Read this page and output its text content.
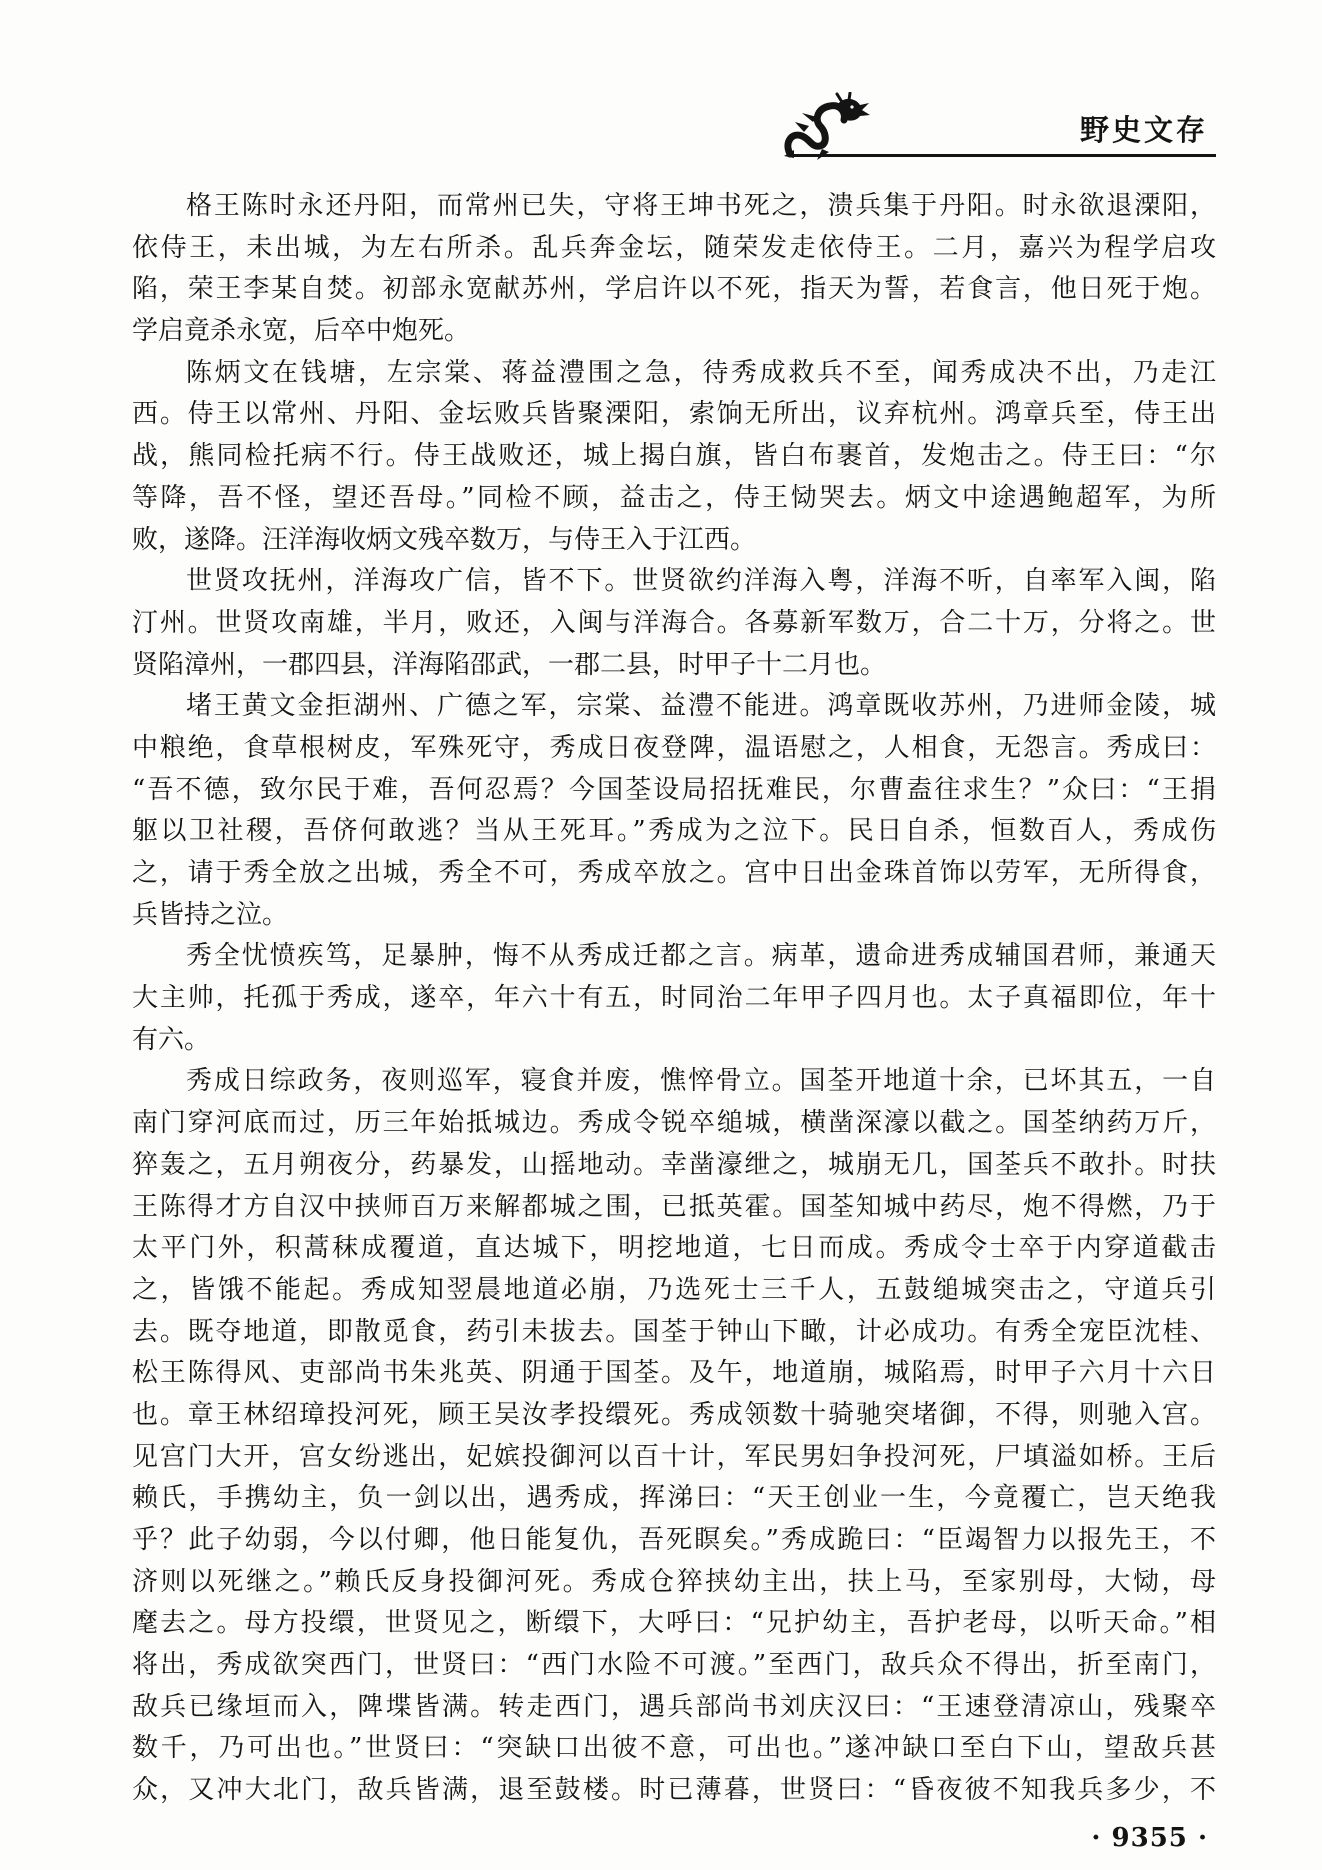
野史文存
格王陈时永还丹阳，而常州已失，守将王坤书死之，溃兵集于丹阳。时永欲退溧阳，
依侍王，未出城，为左右所杀。乱兵奔金坛，随荣发走依侍王。二月，嘉兴为程学启攻
陷，荣王李某自焚。初部永宽献苏州，学启许以不死，指天为誓，若食言，他日死于炮。
学启竟杀永宽，后卒中炮死。
陈炳文在钱塘，左宗棠、蒋益澧围之急，待秀成救兵不至，闻秀成决不出，乃走江
西。侍王以常州、丹阳、金坛败兵皆聚溧阳，索饷无所出，议弃杭州。鸿章兵至，侍王出
战，熊同检托病不行。侍王战败还，城上揭白旗，皆白布裹首，发炮击之。侍王曰：“尔
等降，吾不怪，望还吾母。”同检不顾，益击之，侍王恸哭去。炳文中途遇鲍超军，为所
败，遂降。汪洋海收炳文残卒数万，与侍王入于江西。
世贤攻抚州，洋海攻广信，皆不下。世贤欲约洋海入粤，洋海不听，自率军入闽，陷
汀州。世贤攻南雄，半月，败还，入闽与洋海合。各募新军数万，合二十万，分将之。世
贤陷漳州，一郡四县，洋海陷邵武，一郡二县，时甲子十二月也。
堵王黄文金拒湖州、广德之军，宗棠、益澧不能进。鸿章既收苏州，乃进师金陵，城
中粮绝，食草根树皮，军殊死守，秀成日夜登陴，温语慰之，人相食，无怨言。秀成曰：
“吾不德，致尔民于难，吾何忍焉？今国荃设局招抚难民，尔曹盍往求生？”众曰：“王捐
躯以卫社稷，吾侪何敢逃？当从王死耳。”秀成为之泣下。民日自杀，恒数百人，秀成伤
之，请于秀全放之出城，秀全不可，秀成卒放之。宫中日出金珠首饰以劳军，无所得食，
兵皆持之泣。
秀全忧愤疾笃，足暴肿，悔不从秀成迁都之言。病革，遗命进秀成辅国君师，兼通天
大主帅，托孤于秀成，遂卒，年六十有五，时同治二年甲子四月也。太子真福即位，年十
有六。
秀成日综政务，夜则巡军，寝食并废，憔悴骨立。国荃开地道十余，已坏其五，一自
南门穿河底而过，历三年始抵城边。秀成令锐卒缒城，横凿深濠以截之。国荃纳药万斤，
猝轰之，五月朔夜分，药暴发，山摇地动。幸凿濠绁之，城崩无几，国荃兵不敢扑。时扶
王陈得才方自汉中挟师百万来解都城之围，已抵英霍。国荃知城中药尽，炮不得燃，乃于
太平门外，积蒿秣成覆道，直达城下，明挖地道，七日而成。秀成令士卒于内穿道截击
之，皆饿不能起。秀成知翌晨地道必崩，乃选死士三千人，五鼓缒城突击之，守道兵引
去。既夺地道，即散觅食，药引未拔去。国荃于钟山下瞰，计必成功。有秀全宠臣沈桂、
松王陈得风、吏部尚书朱兆英、阴通于国荃。及午，地道崩，城陷焉，时甲子六月十六日
也。章王林绍璋投河死，顾王吴汝孝投缳死。秀成领数十骑驰突堵御，不得，则驰入宫。
见宫门大开，宫女纷逃出，妃嫔投御河以百十计，军民男妇争投河死，尸填溢如桥。王后
赖氏，手携幼主，负一剑以出，遇秀成，挥涕曰：“天王创业一生，今竟覆亡，岂天绝我
乎？此子幼弱，今以付卿，他日能复仇，吾死瞑矣。”秀成跪曰：“臣竭智力以报先王，不
济则以死继之。”赖氏反身投御河死。秀成仓猝挟幼主出，扶上马，至家别母，大恸，母
麾去之。母方投缳，世贤见之，断缳下，大呼曰：“兄护幼主，吾护老母，以听天命。”相
将出，秀成欲突西门，世贤曰：“西门水险不可渡。”至西门，敌兵众不得出，折至南门，
敌兵已缘垣而入，陴堞皆满。转走西门，遇兵部尚书刘庆汉曰：“王速登清凉山，残聚卒
数千，乃可出也。”世贤曰：“突缺口出彼不意，可出也。”遂冲缺口至白下山，望敌兵甚
众，又冲大北门，敌兵皆满，退至鼓楼。时已薄暮，世贤曰：“昏夜彼不知我兵多少，不
· 9355 ·
